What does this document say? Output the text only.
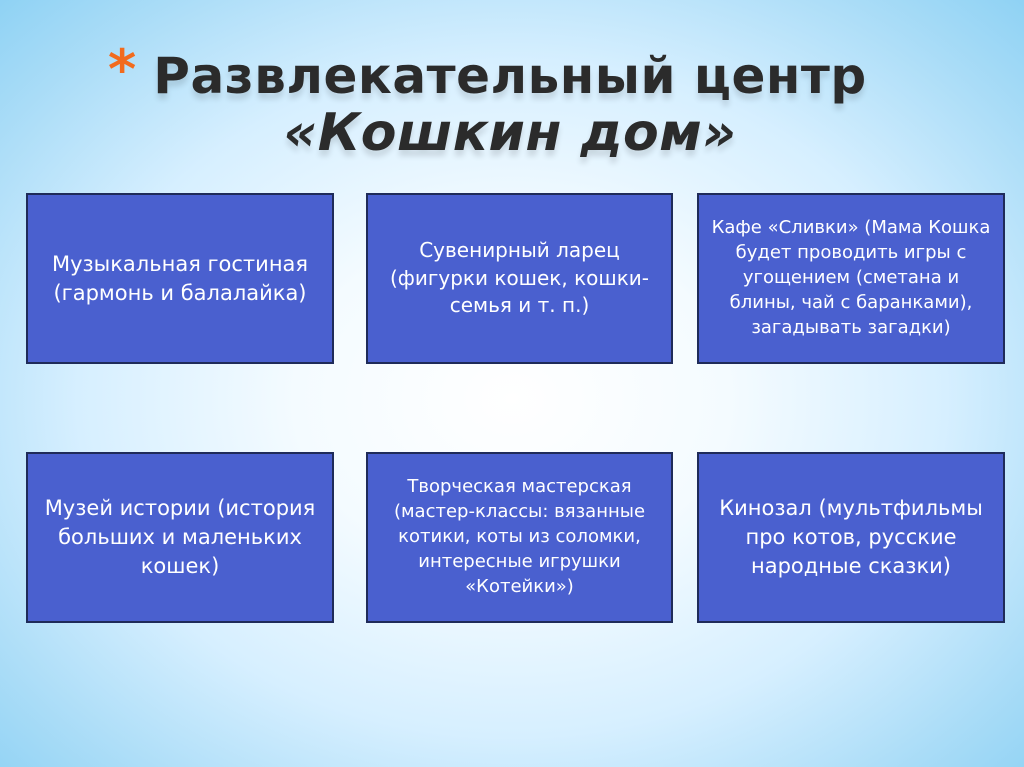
* Развлекательный центр
«Кошкин дом»
Музыкальная гостиная (гармонь и балалайка)
Сувенирный ларец (фигурки кошек, кошки-семья и т. п.)
Кафе «Сливки» (Мама Кошка будет проводить игры с угощением (сметана и блины, чай с баранками), загадывать загадки)
Музей истории (история больших и маленьких кошек)
Творческая мастерская (мастер-классы: вязанные котики, коты из соломки, интересные игрушки «Котейки»)
Кинозал (мультфильмы про котов, русские народные сказки)
